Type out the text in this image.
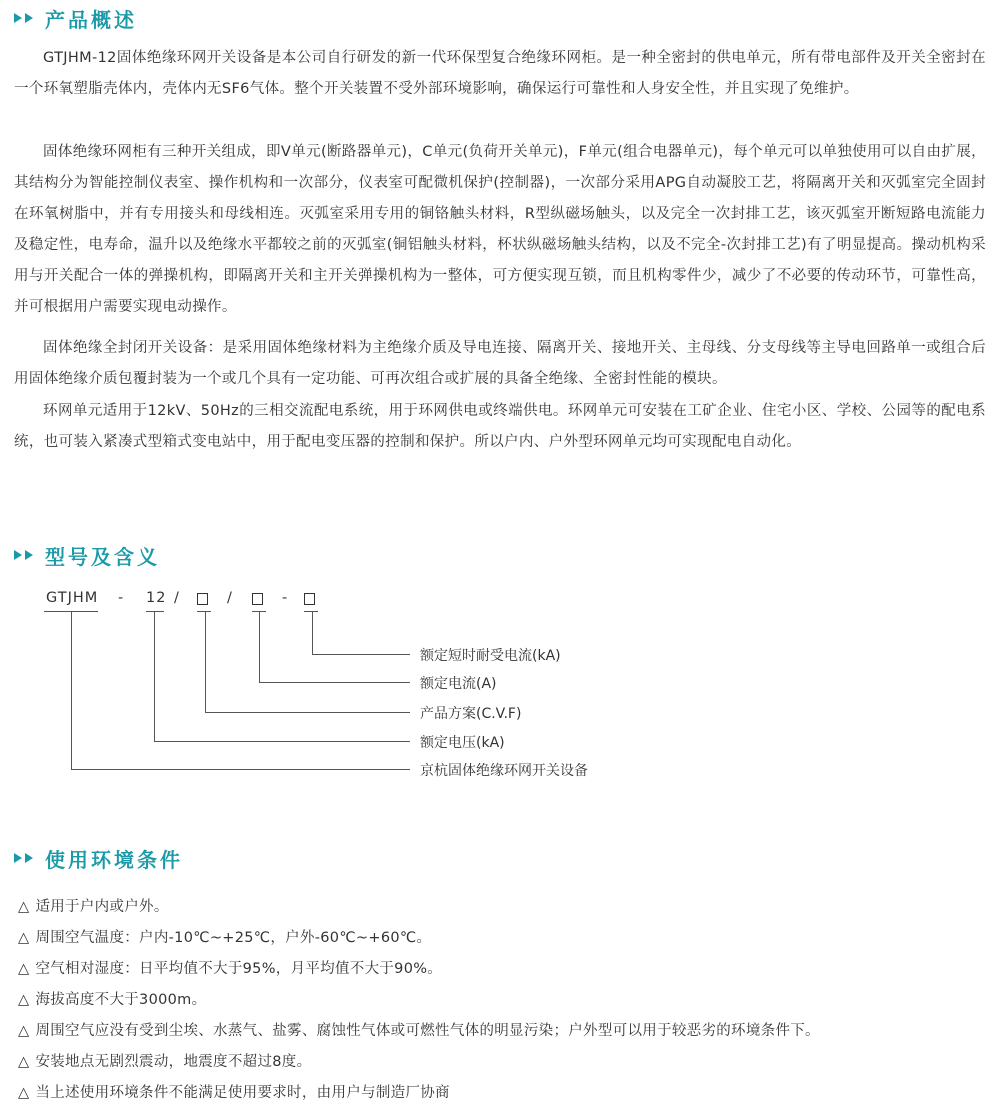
产品概述

GTJHM-12固体绝缘环网开关设备是本公司自行研发的新一代环保型复合绝缘环网柜。是一种全密封的供电单元，所有带电部件及开关全密封在一个环氧塑脂壳体内，壳体内无SF6气体。整个开关装置不受外部环境影响，确保运行可靠性和人身安全性，并且实现了免维护。

固体绝缘环网柜有三种开关组成，即V单元(断路器单元)，C单元(负荷开关单元)，F单元(组合电器单元)，每个单元可以单独使用可以自由扩展，其结构分为智能控制仪表室、操作机构和一次部分，仪表室可配微机保护(控制器)，一次部分采用APG自动凝胶工艺，将隔离开关和灭弧室完全固封在环氧树脂中，并有专用接头和母线相连。灭弧室采用专用的铜铬触头材料，R型纵磁场触头，以及完全一次封排工艺，该灭弧室开断短路电流能力及稳定性，电寿命，温升以及绝缘水平都较之前的灭弧室(铜铝触头材料，杯状纵磁场触头结构，以及不完全-次封排工艺)有了明显提高。操动机构采用与开关配合一体的弹操机构，即隔离开关和主开关弹操机构为一整体，可方便实现互锁，而且机构零件少，减少了不必要的传动环节，可靠性高，并可根据用户需要实现电动操作。

固体绝缘全封闭开关设备：是采用固体绝缘材料为主绝缘介质及导电连接、隔离开关、接地开关、主母线、分支母线等主导电回路单一或组合后用固体绝缘介质包覆封装为一个或几个具有一定功能、可再次组合或扩展的具备全绝缘、全密封性能的模块。

环网单元适用于12kV、50Hz的三相交流配电系统，用于环网供电或终端供电。环网单元可安装在工矿企业、住宅小区、学校、公园等的配电系统，也可装入紧凑式型箱式变电站中，用于配电变压器的控制和保护。所以户内、户外型环网单元均可实现配电自动化。

型号及含义
GTJHM - 12 /	/	-
额定短时耐受电流(kA)
额定电流(A)
产品方案(C.V.F)
额定电压(kA)
京杭固体绝缘环网开关设备
使用环境条件
△ 适用于户内或户外。
△ 周围空气温度：户内-10℃~+25℃，户外-60℃~+60℃。
△ 空气相对湿度：日平均值不大于95%，月平均值不大于90%。
△ 海拔高度不大于3000m。
△ 周围空气应没有受到尘埃、水蒸气、盐雾、腐蚀性气体或可燃性气体的明显污染；户外型可以用于较恶劣的环境条件下。
△ 安装地点无剧烈震动，地震度不超过8度。
△ 当上述使用环境条件不能满足使用要求时，由用户与制造厂协商
